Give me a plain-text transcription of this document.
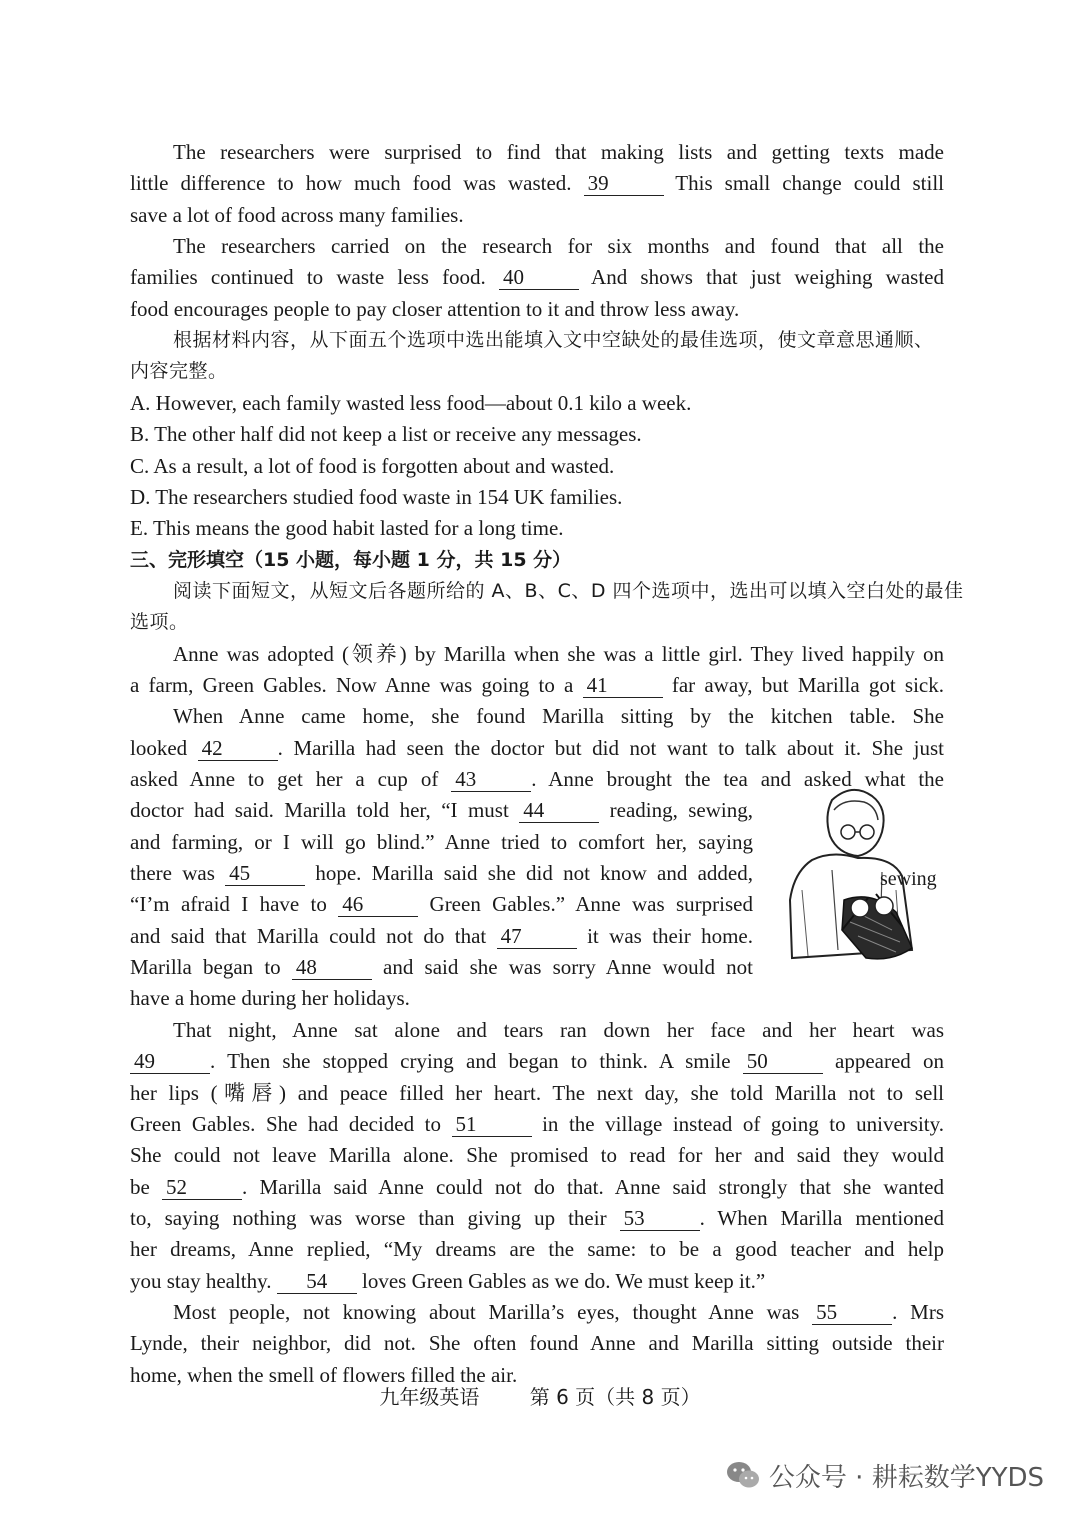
The researchers were surprised to find that making lists and getting texts made
little difference to how much food was wasted. 39	This small change could still
save a lot of food across many families.
The researchers carried on the research for six months and found that all the
families continued to waste less food. 40	And shows that just weighing wasted
food encourages people to pay closer attention to it and throw less away.
根据材料内容，从下面五个选项中选出能填入文中空缺处的最佳选项，使文章意思通顺、
内容完整。
A. However, each family wasted less food—about 0.1 kilo a week.
B. The other half did not keep a list or receive any messages.
C. As a result, a lot of food is forgotten about and wasted.
D. The researchers studied food waste in 154 UK families.
E. This means the good habit lasted for a long time.
三、完形填空（15 小题，每小题 1 分，共 15 分）
阅读下面短文，从短文后各题所给的 A、B、C、D 四个选项中，选出可以填入空白处的最佳
选项。
Anne was adopted (领养) by Marilla when she was a little girl. They lived happily on
a farm, Green Gables. Now Anne was going to a 41	far away, but Marilla got sick.
When Anne came home, she found Marilla sitting by the kitchen table. She
looked 42	. Marilla had seen the doctor but did not want to talk about it. She just
asked Anne to get her a cup of 43	. Anne brought the tea and asked what the
doctor had said. Marilla told her, “I must 44	reading, sewing,
and farming, or I will go blind.” Anne tried to comfort her, saying
there was 45	hope. Marilla said she did not know and added,
“I’m afraid I have to 46	Green Gables.” Anne was surprised
and said that Marilla could not do that 47	it was their home.
Marilla began to 48	and said she was sorry Anne would not
have a home during her holidays.
That night, Anne sat alone and tears ran down her face and her heart was
49	. Then she stopped crying and began to think. A smile 50	appeared on
her lips (嘴唇) and peace filled her heart. The next day, she told Marilla not to sell
Green Gables. She had decided to 51	in the village instead of going to university.
She could not leave Marilla alone. She promised to read for her and said they would
be 52	. Marilla said Anne could not do that. Anne said strongly that she wanted
to, saying nothing was worse than giving up their 53	. When Marilla mentioned
her dreams, Anne replied, “My dreams are the same: to be a good teacher and help
you stay healthy. 54 loves Green Gables as we do. We must keep it.”
Most people, not knowing about Marilla’s eyes, thought Anne was 55	. Mrs
Lynde, their neighbor, did not. She often found Anne and Marilla sitting outside their
home, when the smell of flowers filled the air.
sewing
九年级英语	第 6 页（共 8 页）
公众号 · 耕耘数学YYDS
